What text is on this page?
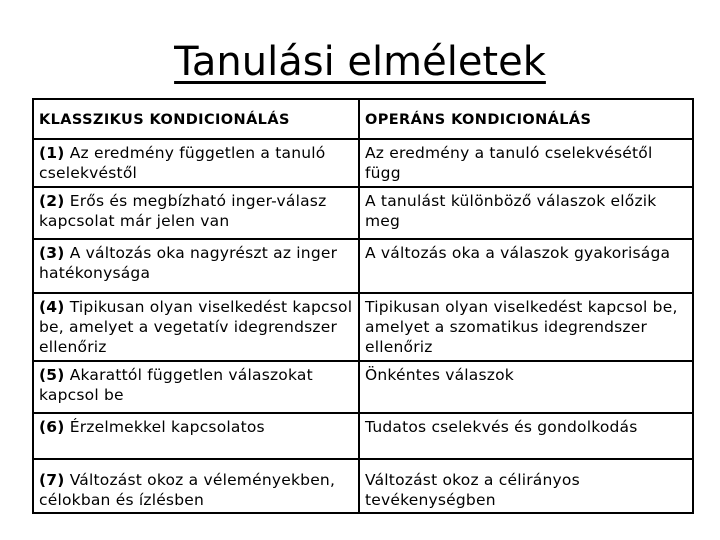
Tanulási elméletek
KLASSZIKUS KONDICIONÁLÁS	OPERÁNS KONDICIONÁLÁS
(1) Az eredmény független a tanuló cselekvéstől	Az eredmény a tanuló cselekvésétől függ
(2) Erős és megbízható inger-válasz kapcsolat már jelen van	A tanulást különböző válaszok előzik meg
(3) A változás oka nagyrészt az inger hatékonysága	A változás oka a válaszok gyakorisága
(4) Tipikusan olyan viselkedést kapcsol be, amelyet a vegetatív idegrendszer ellenőriz	Tipikusan olyan viselkedést kapcsol be, amelyet a szomatikus idegrendszer ellenőriz
(5) Akarattól független válaszokat kapcsol be	Önkéntes válaszok
(6) Érzelmekkel kapcsolatos	Tudatos cselekvés és gondolkodás
(7) Változást okoz a véleményekben, célokban és ízlésben	Változást okoz a célirányos tevékenységben
